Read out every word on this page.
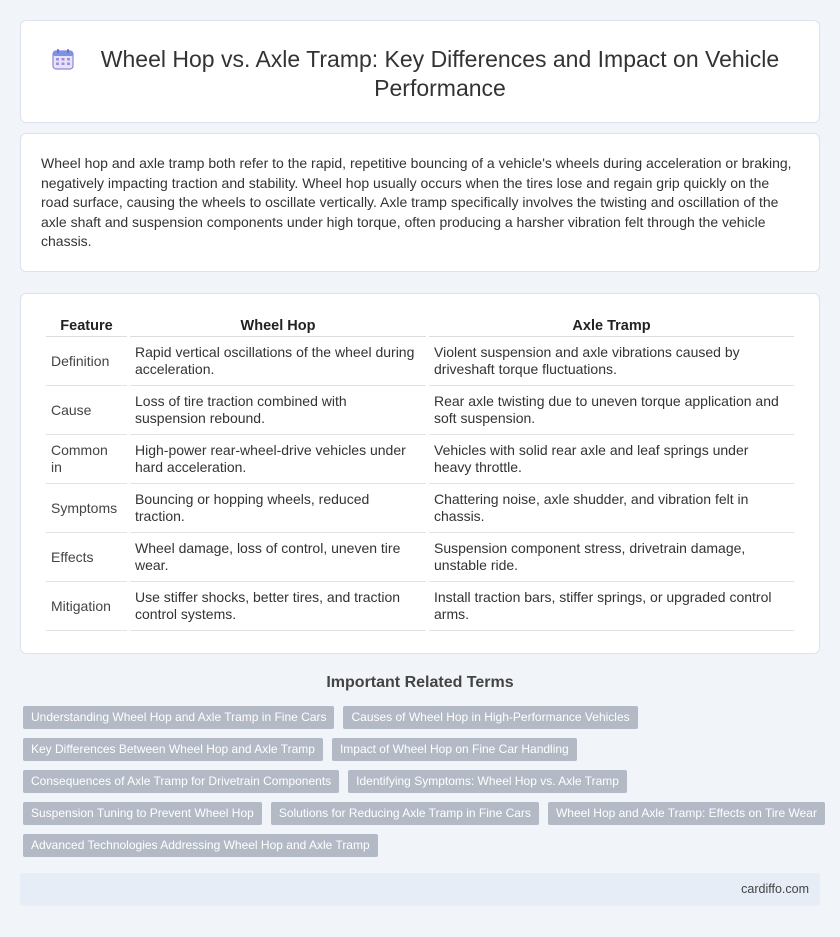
Wheel Hop vs. Axle Tramp: Key Differences and Impact on Vehicle Performance

Wheel hop and axle tramp both refer to the rapid, repetitive bouncing of a vehicle's wheels during acceleration or braking, negatively impacting traction and stability. Wheel hop usually occurs when the tires lose and regain grip quickly on the road surface, causing the wheels to oscillate vertically. Axle tramp specifically involves the twisting and oscillation of the axle shaft and suspension components under high torque, often producing a harsher vibration felt through the vehicle chassis.

Feature	Wheel Hop	Axle Tramp
Definition	Rapid vertical oscillations of the wheel during acceleration.	Violent suspension and axle vibrations caused by driveshaft torque fluctuations.
Cause	Loss of tire traction combined with suspension rebound.	Rear axle twisting due to uneven torque application and soft suspension.
Common in	High-power rear-wheel-drive vehicles under hard acceleration.	Vehicles with solid rear axle and leaf springs under heavy throttle.
Symptoms	Bouncing or hopping wheels, reduced traction.	Chattering noise, axle shudder, and vibration felt in chassis.
Effects	Wheel damage, loss of control, uneven tire wear.	Suspension component stress, drivetrain damage, unstable ride.
Mitigation	Use stiffer shocks, better tires, and traction control systems.	Install traction bars, stiffer springs, or upgraded control arms.
Important Related Terms
Understanding Wheel Hop and Axle Tramp in Fine Cars	Causes of Wheel Hop in High-Performance Vehicles
Key Differences Between Wheel Hop and Axle Tramp	Impact of Wheel Hop on Fine Car Handling
Consequences of Axle Tramp for Drivetrain Components	Identifying Symptoms: Wheel Hop vs. Axle Tramp
Suspension Tuning to Prevent Wheel Hop	Solutions for Reducing Axle Tramp in Fine Cars	Wheel Hop and Axle Tramp: Effects on Tire Wear
Advanced Technologies Addressing Wheel Hop and Axle Tramp
cardiffo.com
